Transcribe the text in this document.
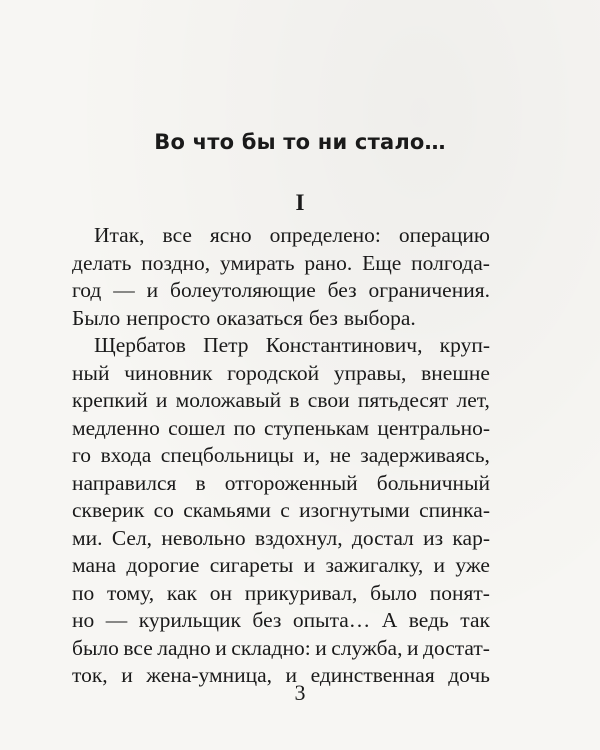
Во что бы то ни стало…
I
Итак, все ясно определено: операцию
делать поздно, умирать рано. Еще полгода-
год — и болеутоляющие без ограничения.
Было непросто оказаться без выбора.
Щербатов Петр Константинович, круп-
ный чиновник городской управы, внешне
крепкий и моложавый в свои пятьдесят лет,
медленно сошел по ступенькам центрально-
го входа спецбольницы и, не задерживаясь,
направился в отгороженный больничный
скверик со скамьями с изогнутыми спинка-
ми. Сел, невольно вздохнул, достал из кар-
мана дорогие сигареты и зажигалку, и уже
по тому, как он прикуривал, было понят-
но — курильщик без опыта… А ведь так
было все ладно и складно: и служба, и достат-
ток, и жена-умница, и единственная дочь
3
